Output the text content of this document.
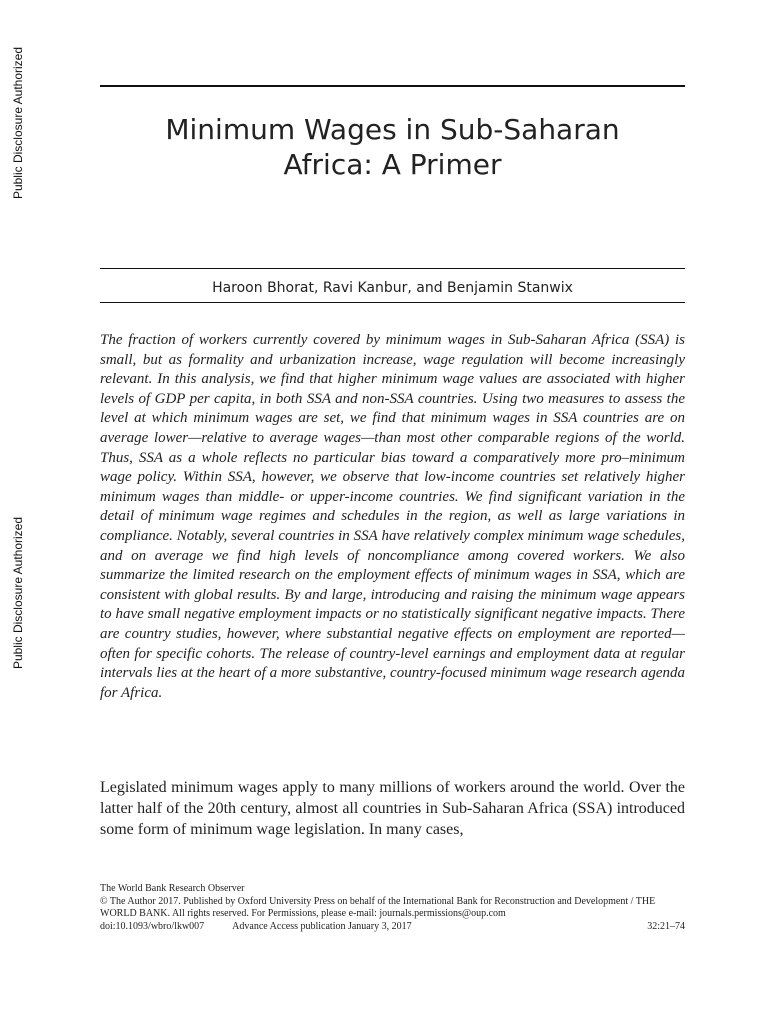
Public Disclosure Authorized
Public Disclosure Authorized
Minimum Wages in Sub-Saharan
Africa: A Primer
Haroon Bhorat, Ravi Kanbur, and Benjamin Stanwix

The fraction of workers currently covered by minimum wages in Sub-Saharan Africa (SSA) is small, but as formality and urbanization increase, wage regulation will become increasingly relevant. In this analysis, we find that higher minimum wage values are associated with higher levels of GDP per capita, in both SSA and non-SSA countries. Using two measures to assess the level at which minimum wages are set, we find that minimum wages in SSA countries are on average lower—relative to average wages—than most other comparable regions of the world. Thus, SSA as a whole reflects no particular bias toward a comparatively more pro–minimum wage policy. Within SSA, however, we observe that low-income countries set relatively higher minimum wages than middle- or upper-income countries. We find significant variation in the detail of minimum wage regimes and schedules in the region, as well as large variations in compliance. Notably, several countries in SSA have relatively complex minimum wage schedules, and on average we find high levels of noncompliance among covered workers. We also summarize the limited research on the employment effects of minimum wages in SSA, which are consistent with global results. By and large, introducing and raising the minimum wage appears to have small negative employment impacts or no statistically significant negative impacts. There are country studies, however, where substantial negative effects on employment are reported—often for specific cohorts. The release of country-level earnings and employment data at regular intervals lies at the heart of a more substantive, country-focused minimum wage research agenda for Africa.

Legislated minimum wages apply to many millions of workers around the world. Over the latter half of the 20th century, almost all countries in Sub-Saharan Africa (SSA) introduced some form of minimum wage legislation. In many cases,

The World Bank Research Observer
© The Author 2017. Published by Oxford University Press on behalf of the International Bank for Reconstruction and Development / THE WORLD BANK. All rights reserved. For Permissions, please e-mail: journals.permissions@oup.com
doi:10.1093/wbro/lkw007	Advance Access publication January 3, 2017	32:21–74
